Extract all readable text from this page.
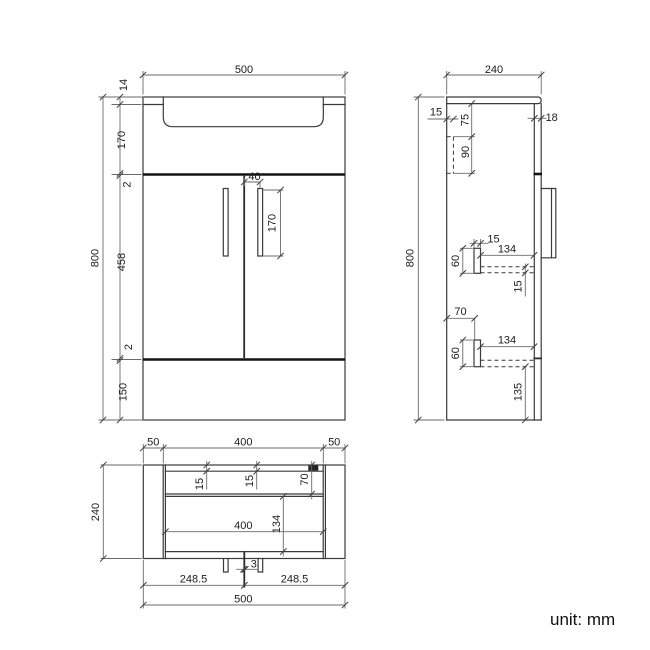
500
800
14
170
2
458
2
150
40
170
240
800
15
75
90
18
15
60
134
15
70
60
134
135
50	400	50
240
15	15	70
400 134
3
248.5	248.5
500
unit: mm
